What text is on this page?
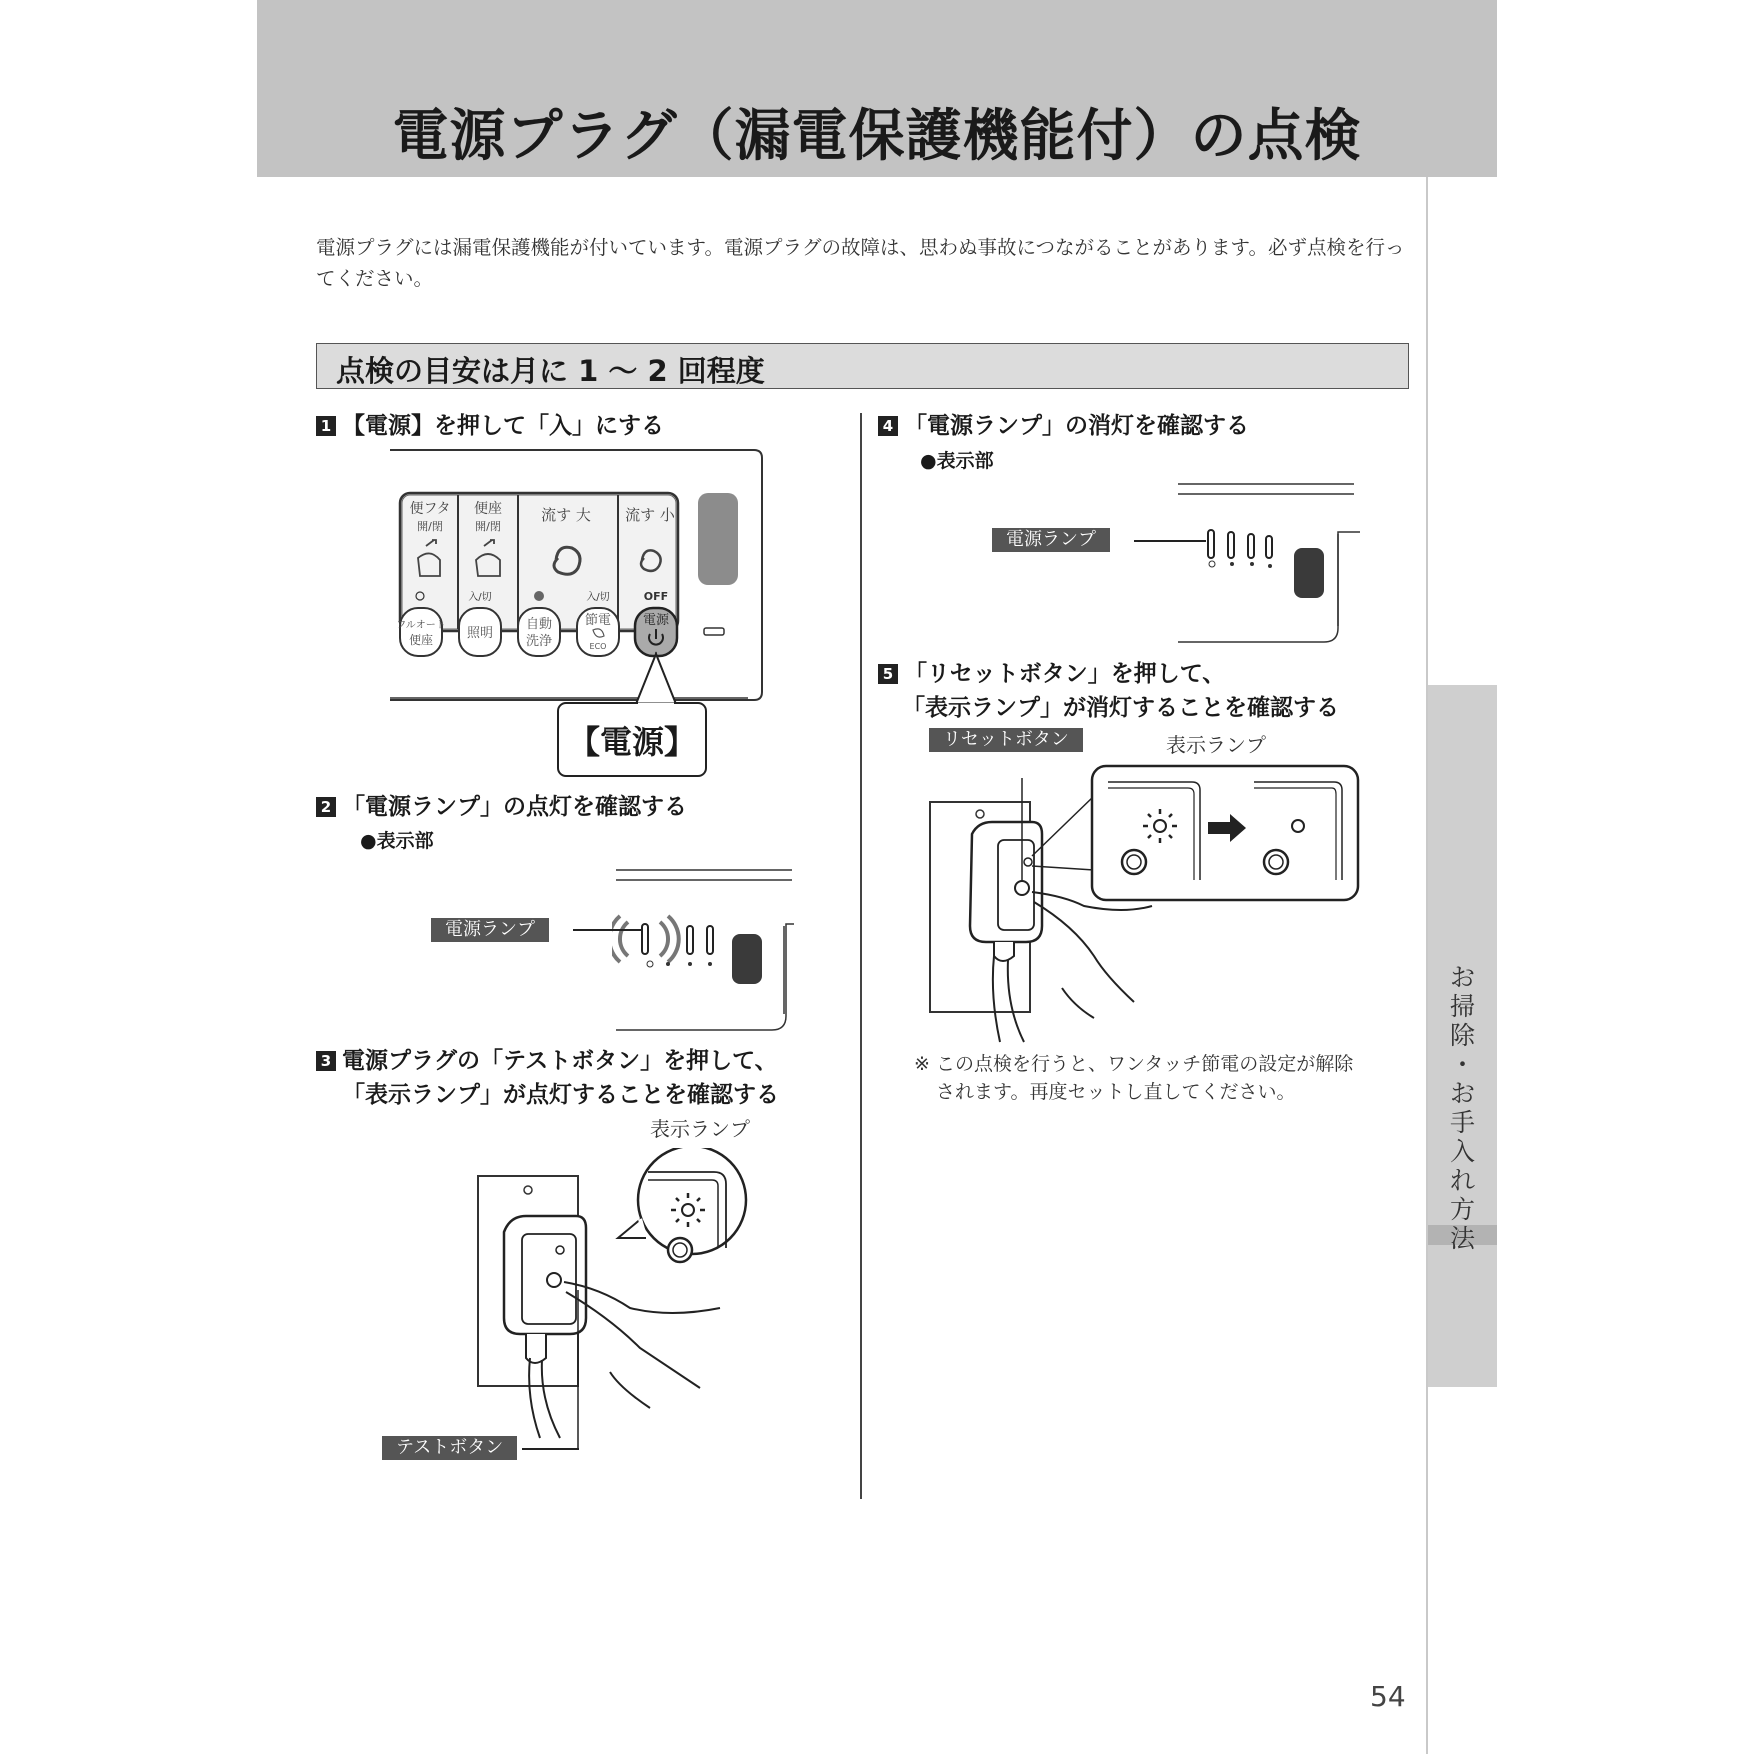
電源プラグ（漏電保護機能付）の点検
お
掃
除
・
お
手
入
れ
方
法
電源プラグには漏電保護機能が付いています。電源プラグの故障は、思わぬ事故につながることがあります。必ず点検を行ってください。
点検の目安は月に 1 ～ 2 回程度
1 【電源】を押して「入」にする
便フタ
開/閉
便座
開/閉
流す 大 流す 小
入/切	入/切	OFF
フルオート
便座	照明
自動
洗浄
節電
ECO
電源
【電源】
2 「電源ランプ」の点灯を確認する
●表示部
電源ランプ
3 電源プラグの「テストボタン」を押して、
「表示ランプ」が点灯することを確認する
表示ランプ
テストボタン
4 「電源ランプ」の消灯を確認する
●表示部
電源ランプ
5 「リセットボタン」を押して、
「表示ランプ」が消灯することを確認する
リセットボタン	表示ランプ
※ この点検を行うと、ワンタッチ節電の設定が解除
されます。再度セットし直してください。
54
